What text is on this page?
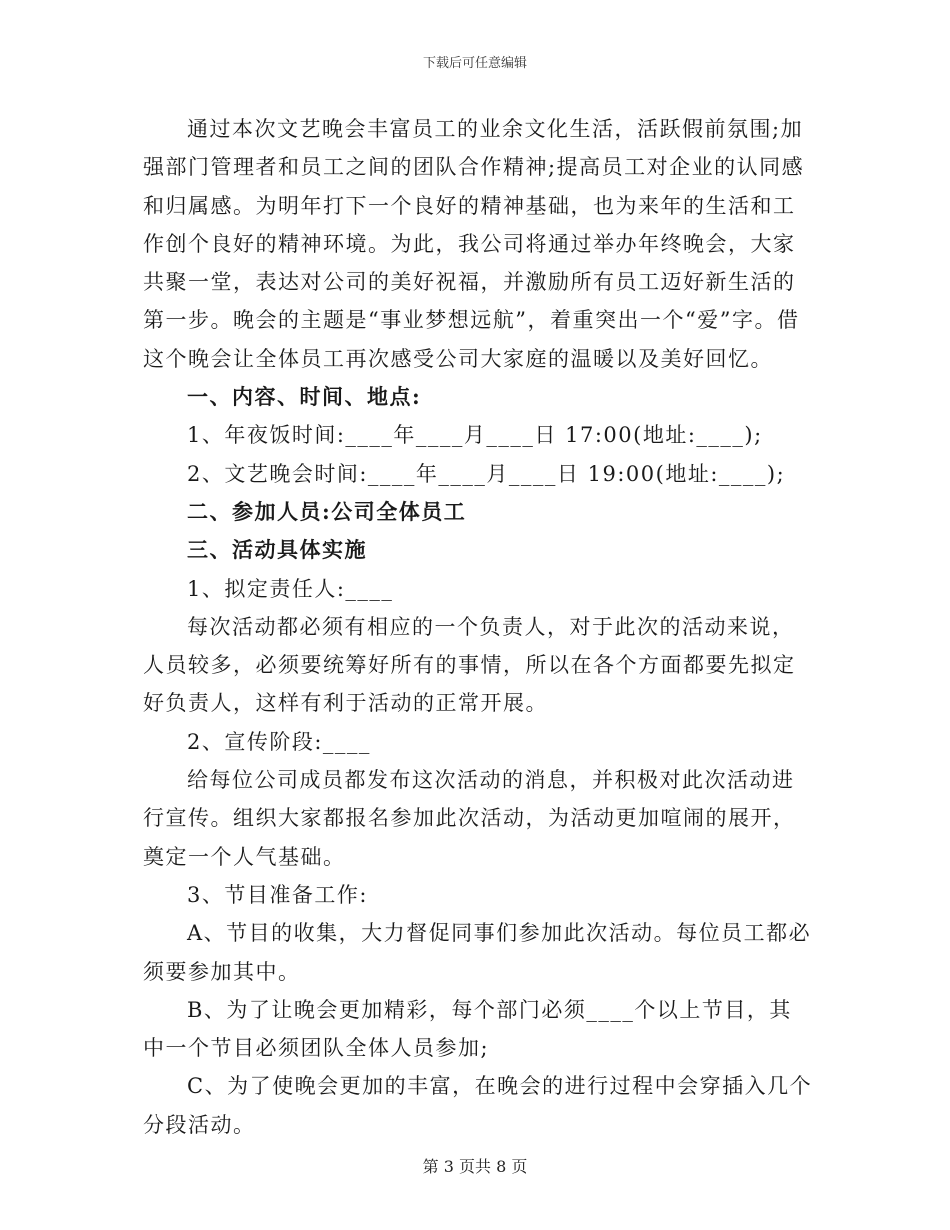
下载后可任意编辑

通过本次文艺晚会丰富员工的业余文化生活，活跃假前氛围;加强部门管理者和员工之间的团队合作精神;提高员工对企业的认同感和归属感。为明年打下一个良好的精神基础，也为来年的生活和工作创个良好的精神环境。为此，我公司将通过举办年终晚会，大家共聚一堂，表达对公司的美好祝福，并激励所有员工迈好新生活的第一步。晚会的主题是“事业梦想远航”，着重突出一个“爱”字。借这个晚会让全体员工再次感受公司大家庭的温暖以及美好回忆。

一、内容、时间、地点:

1、年夜饭时间:____年____月____日 17:00(地址:____);

2、文艺晚会时间:____年____月____日 19:00(地址:____);

二、参加人员:公司全体员工

三、活动具体实施

1、拟定责任人:____

每次活动都必须有相应的一个负责人，对于此次的活动来说，人员较多，必须要统筹好所有的事情，所以在各个方面都要先拟定好负责人，这样有利于活动的正常开展。

2、宣传阶段:____

给每位公司成员都发布这次活动的消息，并积极对此次活动进行宣传。组织大家都报名参加此次活动，为活动更加喧闹的展开，奠定一个人气基础。

3、节目准备工作:

A、节目的收集，大力督促同事们参加此次活动。每位员工都必须要参加其中。

B、为了让晚会更加精彩，每个部门必须____个以上节目，其中一个节目必须团队全体人员参加;

C、为了使晚会更加的丰富，在晚会的进行过程中会穿插入几个分段活动。

第 3 页共 8 页
